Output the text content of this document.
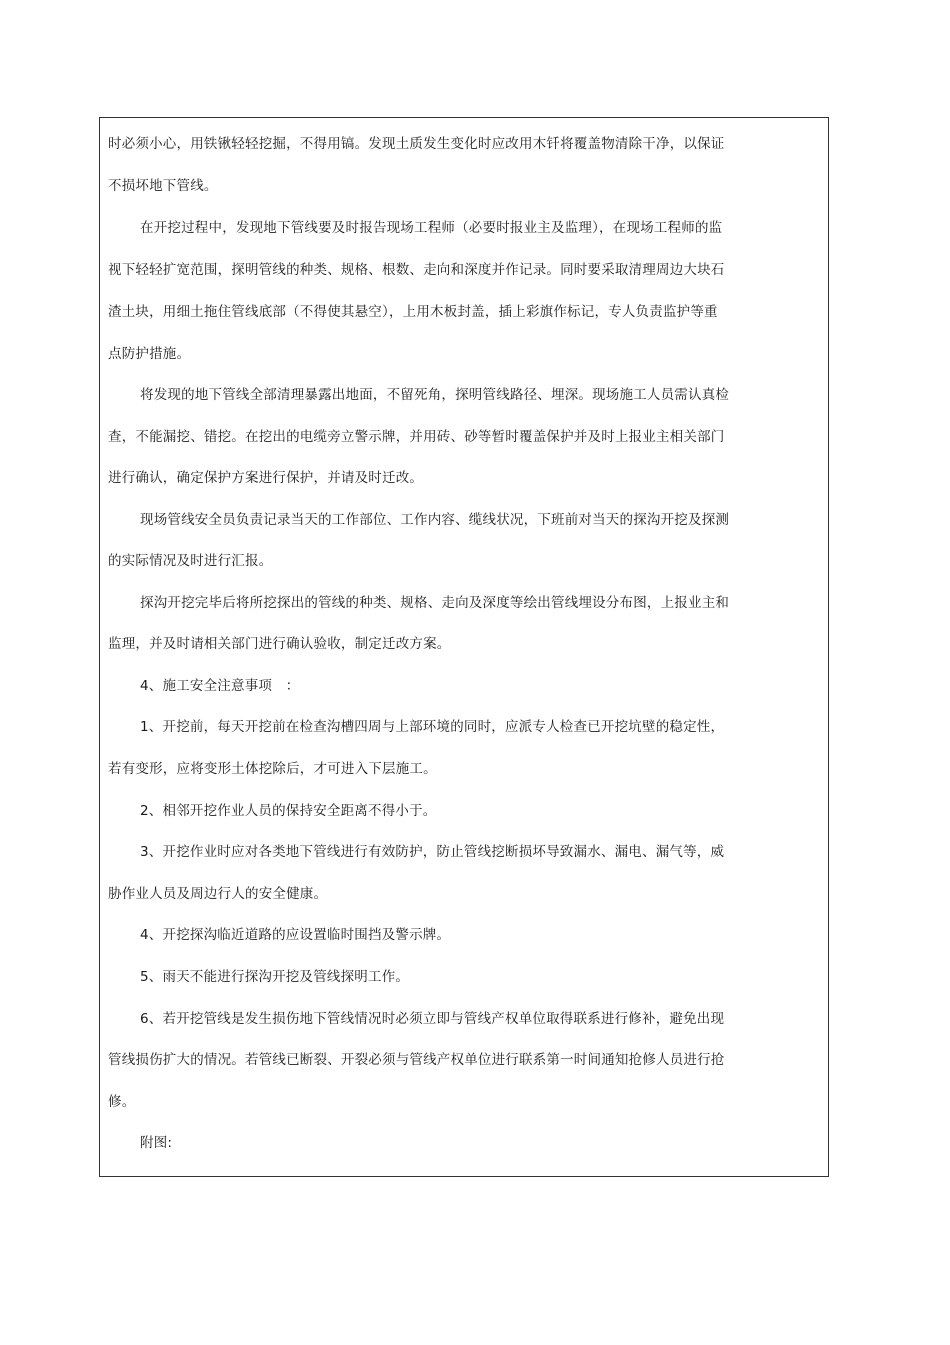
时必须小心，用铁锹轻轻挖掘，不得用镐。发现土质发生变化时应改用木钎将覆盖物清除干净，以保证
不损坏地下管线。
在开挖过程中，发现地下管线要及时报告现场工程师（必要时报业主及监理），在现场工程师的监
视下轻轻扩宽范围，探明管线的种类、规格、根数、走向和深度并作记录。同时要采取清理周边大块石
渣土块，用细土拖住管线底部（不得使其悬空），上用木板封盖，插上彩旗作标记，专人负责监护等重
点防护措施。
将发现的地下管线全部清理暴露出地面，不留死角，探明管线路径、埋深。现场施工人员需认真检
查，不能漏挖、错挖。在挖出的电缆旁立警示牌，并用砖、砂等暂时覆盖保护并及时上报业主相关部门
进行确认，确定保护方案进行保护，并请及时迁改。
现场管线安全员负责记录当天的工作部位、工作内容、缆线状况，下班前对当天的探沟开挖及探测
的实际情况及时进行汇报。
探沟开挖完毕后将所挖探出的管线的种类、规格、走向及深度等绘出管线埋设分布图，上报业主和
监理，并及时请相关部门进行确认验收，制定迁改方案。
4、施工安全注意事项　：
1、开挖前，每天开挖前在检查沟槽四周与上部环境的同时，应派专人检查已开挖坑壁的稳定性，
若有变形，应将变形土体挖除后，才可进入下层施工。
2、相邻开挖作业人员的保持安全距离不得小于。
3、开挖作业时应对各类地下管线进行有效防护，防止管线挖断损坏导致漏水、漏电、漏气等，威
胁作业人员及周边行人的安全健康。
4、开挖探沟临近道路的应设置临时围挡及警示牌。
5、雨天不能进行探沟开挖及管线探明工作。
6、若开挖管线是发生损伤地下管线情况时必须立即与管线产权单位取得联系进行修补，避免出现
管线损伤扩大的情况。若管线已断裂、开裂必须与管线产权单位进行联系第一时间通知抢修人员进行抢
修。
附图:
